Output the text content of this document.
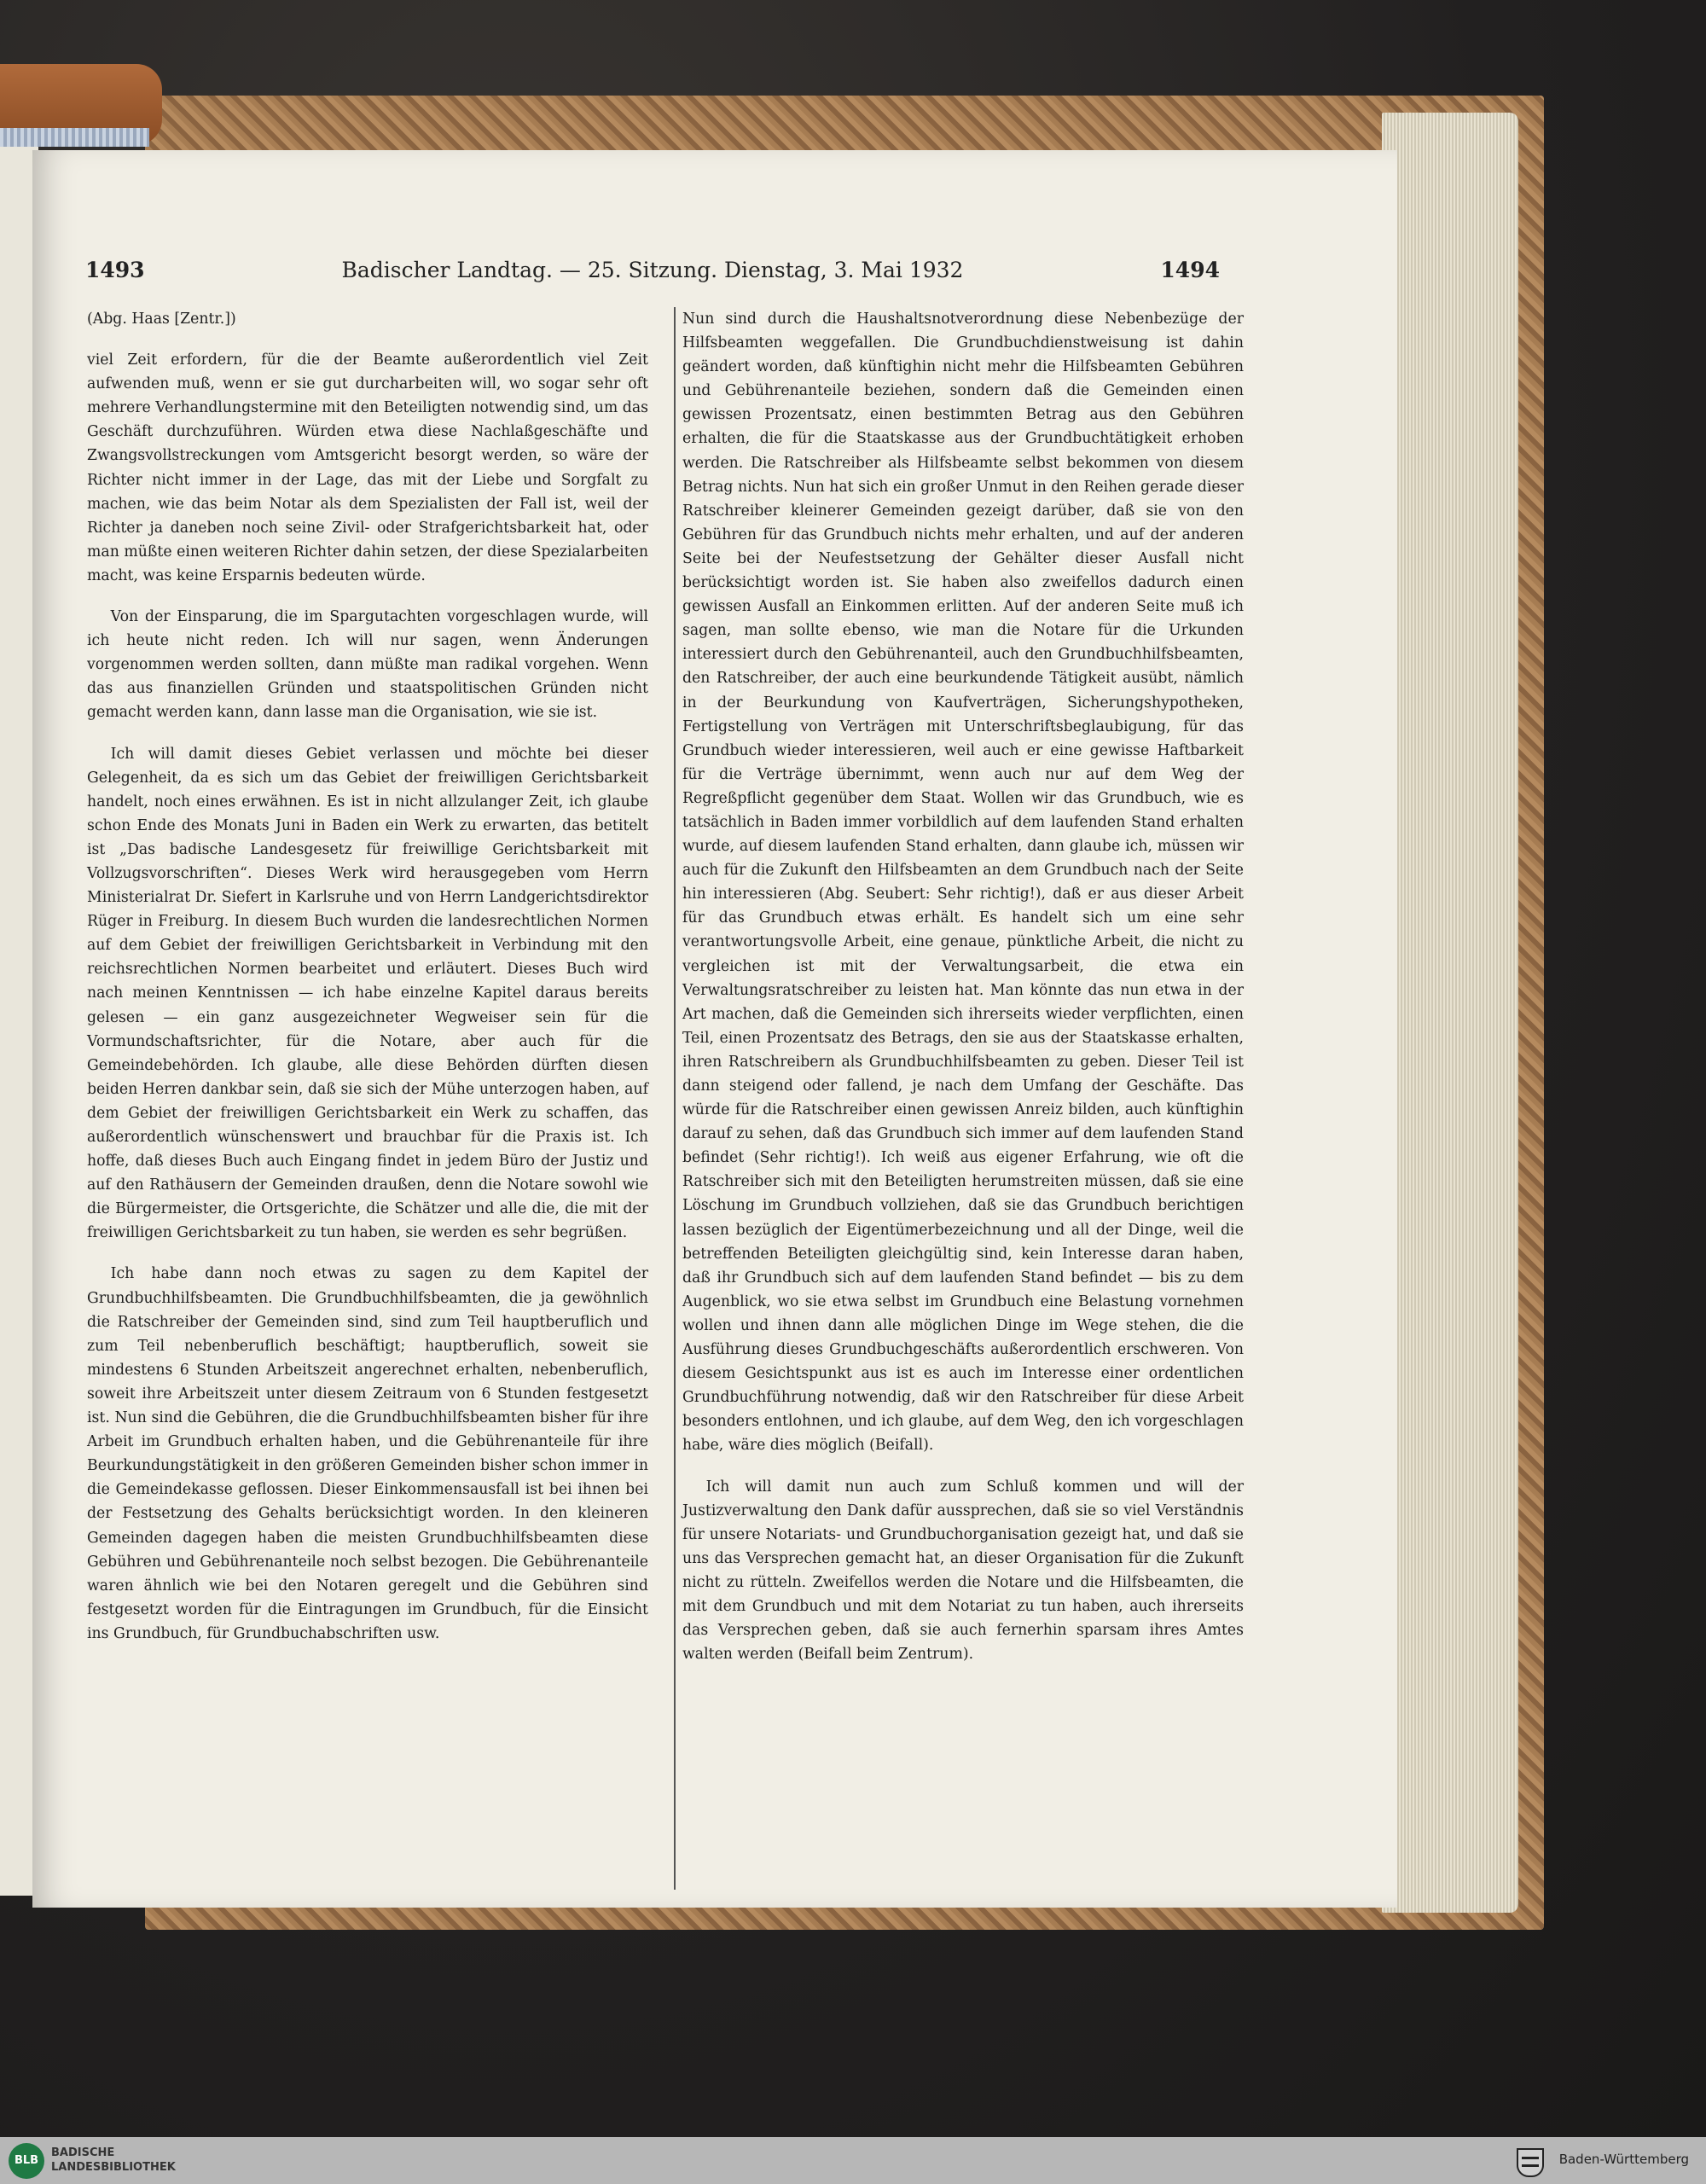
1493	Badischer Landtag. — 25. Sitzung. Dienstag, 3. Mai 1932	1494

(Abg. Haas [Zentr.])

viel Zeit erfordern, für die der Beamte außerordentlich viel Zeit aufwenden muß, wenn er sie gut durcharbeiten will, wo sogar sehr oft mehrere Verhandlungstermine mit den Beteiligten notwendig sind, um das Geschäft durchzuführen. Würden etwa diese Nachlaßgeschäfte und Zwangsvollstreckungen vom Amtsgericht besorgt werden, so wäre der Richter nicht immer in der Lage, das mit der Liebe und Sorgfalt zu machen, wie das beim Notar als dem Spezialisten der Fall ist, weil der Richter ja daneben noch seine Zivil- oder Strafgerichtsbarkeit hat, oder man müßte einen weiteren Richter dahin setzen, der diese Spezialarbeiten macht, was keine Ersparnis bedeuten würde.

Von der Einsparung, die im Spargutachten vorgeschlagen wurde, will ich heute nicht reden. Ich will nur sagen, wenn Änderungen vorgenommen werden sollten, dann müßte man radikal vorgehen. Wenn das aus finanziellen Gründen und staatspolitischen Gründen nicht gemacht werden kann, dann lasse man die Organisation, wie sie ist.

Ich will damit dieses Gebiet verlassen und möchte bei dieser Gelegenheit, da es sich um das Gebiet der freiwilligen Gerichtsbarkeit handelt, noch eines erwähnen. Es ist in nicht allzulanger Zeit, ich glaube schon Ende des Monats Juni in Baden ein Werk zu erwarten, das betitelt ist „Das badische Landesgesetz für freiwillige Gerichtsbarkeit mit Vollzugsvorschriften“. Dieses Werk wird herausgegeben vom Herrn Ministerialrat Dr. Siefert in Karlsruhe und von Herrn Landgerichtsdirektor Rüger in Freiburg. In diesem Buch wurden die landesrechtlichen Normen auf dem Gebiet der freiwilligen Gerichtsbarkeit in Verbindung mit den reichsrechtlichen Normen bearbeitet und erläutert. Dieses Buch wird nach meinen Kenntnissen — ich habe einzelne Kapitel daraus bereits gelesen — ein ganz ausgezeichneter Wegweiser sein für die Vormundschaftsrichter, für die Notare, aber auch für die Gemeindebehörden. Ich glaube, alle diese Behörden dürften diesen beiden Herren dankbar sein, daß sie sich der Mühe unterzogen haben, auf dem Gebiet der freiwilligen Gerichtsbarkeit ein Werk zu schaffen, das außerordentlich wünschenswert und brauchbar für die Praxis ist. Ich hoffe, daß dieses Buch auch Eingang findet in jedem Büro der Justiz und auf den Rathäusern der Gemeinden draußen, denn die Notare sowohl wie die Bürgermeister, die Ortsgerichte, die Schätzer und alle die, die mit der freiwilligen Gerichtsbarkeit zu tun haben, sie werden es sehr begrüßen.

Ich habe dann noch etwas zu sagen zu dem Kapitel der Grundbuchhilfsbeamten. Die Grundbuchhilfsbeamten, die ja gewöhnlich die Ratschreiber der Gemeinden sind, sind zum Teil hauptberuflich und zum Teil nebenberuflich beschäftigt; hauptberuflich, soweit sie mindestens 6 Stunden Arbeitszeit angerechnet erhalten, nebenberuflich, soweit ihre Arbeitszeit unter diesem Zeitraum von 6 Stunden festgesetzt ist. Nun sind die Gebühren, die die Grundbuchhilfsbeamten bisher für ihre Arbeit im Grundbuch erhalten haben, und die Gebührenanteile für ihre Beurkundungstätigkeit in den größeren Gemeinden bisher schon immer in die Gemeindekasse geflossen. Dieser Einkommensausfall ist bei ihnen bei der Festsetzung des Gehalts berücksichtigt worden. In den kleineren Gemeinden dagegen haben die meisten Grundbuchhilfsbeamten diese Gebühren und Gebührenanteile noch selbst bezogen. Die Gebührenanteile waren ähnlich wie bei den Notaren geregelt und die Gebühren sind festgesetzt worden für die Eintragungen im Grundbuch, für die Einsicht ins Grundbuch, für Grundbuchabschriften usw.

Nun sind durch die Haushaltsnotverordnung diese Nebenbezüge der Hilfsbeamten weggefallen. Die Grundbuchdienstweisung ist dahin geändert worden, daß künftighin nicht mehr die Hilfsbeamten Gebühren und Gebührenanteile beziehen, sondern daß die Gemeinden einen gewissen Prozentsatz, einen bestimmten Betrag aus den Gebühren erhalten, die für die Staatskasse aus der Grundbuchtätigkeit erhoben werden. Die Ratschreiber als Hilfsbeamte selbst bekommen von diesem Betrag nichts. Nun hat sich ein großer Unmut in den Reihen gerade dieser Ratschreiber kleinerer Gemeinden gezeigt darüber, daß sie von den Gebühren für das Grundbuch nichts mehr erhalten, und auf der anderen Seite bei der Neufestsetzung der Gehälter dieser Ausfall nicht berücksichtigt worden ist. Sie haben also zweifellos dadurch einen gewissen Ausfall an Einkommen erlitten. Auf der anderen Seite muß ich sagen, man sollte ebenso, wie man die Notare für die Urkunden interessiert durch den Gebührenanteil, auch den Grundbuchhilfsbeamten, den Ratschreiber, der auch eine beurkundende Tätigkeit ausübt, nämlich in der Beurkundung von Kaufverträgen, Sicherungshypotheken, Fertigstellung von Verträgen mit Unterschriftsbeglaubigung, für das Grundbuch wieder interessieren, weil auch er eine gewisse Haftbarkeit für die Verträge übernimmt, wenn auch nur auf dem Weg der Regreßpflicht gegenüber dem Staat. Wollen wir das Grundbuch, wie es tatsächlich in Baden immer vorbildlich auf dem laufenden Stand erhalten wurde, auf diesem laufenden Stand erhalten, dann glaube ich, müssen wir auch für die Zukunft den Hilfsbeamten an dem Grundbuch nach der Seite hin interessieren (Abg. Seubert: Sehr richtig!), daß er aus dieser Arbeit für das Grundbuch etwas erhält. Es handelt sich um eine sehr verantwortungsvolle Arbeit, eine genaue, pünktliche Arbeit, die nicht zu vergleichen ist mit der Verwaltungsarbeit, die etwa ein Verwaltungsratschreiber zu leisten hat. Man könnte das nun etwa in der Art machen, daß die Gemeinden sich ihrerseits wieder verpflichten, einen Teil, einen Prozentsatz des Betrags, den sie aus der Staatskasse erhalten, ihren Ratschreibern als Grundbuchhilfsbeamten zu geben. Dieser Teil ist dann steigend oder fallend, je nach dem Umfang der Geschäfte. Das würde für die Ratschreiber einen gewissen Anreiz bilden, auch künftighin darauf zu sehen, daß das Grundbuch sich immer auf dem laufenden Stand befindet (Sehr richtig!). Ich weiß aus eigener Erfahrung, wie oft die Ratschreiber sich mit den Beteiligten herumstreiten müssen, daß sie eine Löschung im Grundbuch vollziehen, daß sie das Grundbuch berichtigen lassen bezüglich der Eigentümerbezeichnung und all der Dinge, weil die betreffenden Beteiligten gleichgültig sind, kein Interesse daran haben, daß ihr Grundbuch sich auf dem laufenden Stand befindet — bis zu dem Augenblick, wo sie etwa selbst im Grundbuch eine Belastung vornehmen wollen und ihnen dann alle möglichen Dinge im Wege stehen, die die Ausführung dieses Grundbuchgeschäfts außerordentlich erschweren. Von diesem Gesichtspunkt aus ist es auch im Interesse einer ordentlichen Grundbuchführung notwendig, daß wir den Ratschreiber für diese Arbeit besonders entlohnen, und ich glaube, auf dem Weg, den ich vorgeschlagen habe, wäre dies möglich (Beifall).

Ich will damit nun auch zum Schluß kommen und will der Justizverwaltung den Dank dafür aussprechen, daß sie so viel Verständnis für unsere Notariats- und Grundbuchorganisation gezeigt hat, und daß sie uns das Versprechen gemacht hat, an dieser Organisation für die Zukunft nicht zu rütteln. Zweifellos werden die Notare und die Hilfsbeamten, die mit dem Grundbuch und mit dem Notariat zu tun haben, auch ihrerseits das Versprechen geben, daß sie auch fernerhin sparsam ihres Amtes walten werden (Beifall beim Zentrum).

BLB
BADISCHE
LANDESBIBLIOTHEK
Baden-Württemberg
